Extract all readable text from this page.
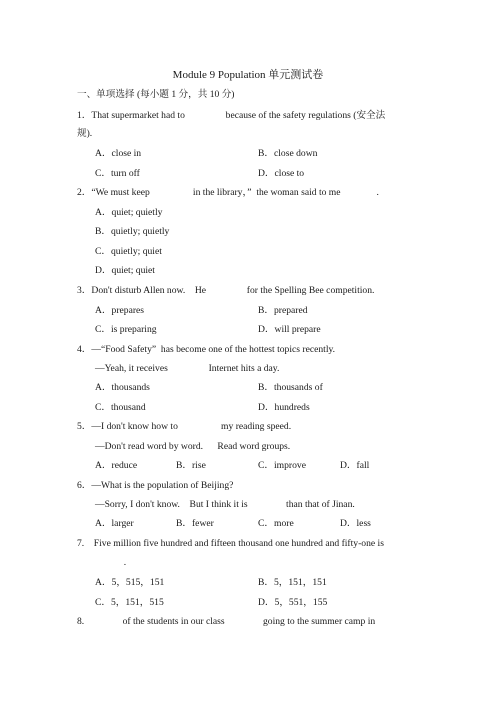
Module 9 Population 单元测试卷
一、单项选择 (每小题 1 分，共 10 分)
1．That supermarket had to                 because of the safety regulations (安全法
规).
A．close in	B．close down
C．turn off	D．close to
2．“We must keep                  in the library，”  the woman said to me               .
A．quiet; quietly
B．quietly; quietly
C．quietly; quiet
D．quiet; quiet
3．Don't disturb Allen now.    He                 for the Spelling Bee competition.
A．prepares	B．prepared
C．is preparing	D．will prepare
4．—“Food Safety”  has become one of the hottest topics recently.
—Yeah, it receives                 Internet hits a day.
A．thousands	B．thousands of
C．thousand	D．hundreds
5．—I don't know how to                  my reading speed.
—Don't read word by word.      Read word groups.
A．reduce	B．rise	C．improve	D．fall
6．—What is the population of Beijing?
—Sorry, I don't know.    But I think it is                than that of Jinan.
A．larger	B．fewer	C．more	D．less
7.    Five million five hundred and fifteen thousand one hundred and fifty-one is
.
A．5，515，151	B．5，151，151
C．5，151，515	D．5，551，155
8.                of the students in our class                going to the summer camp in
